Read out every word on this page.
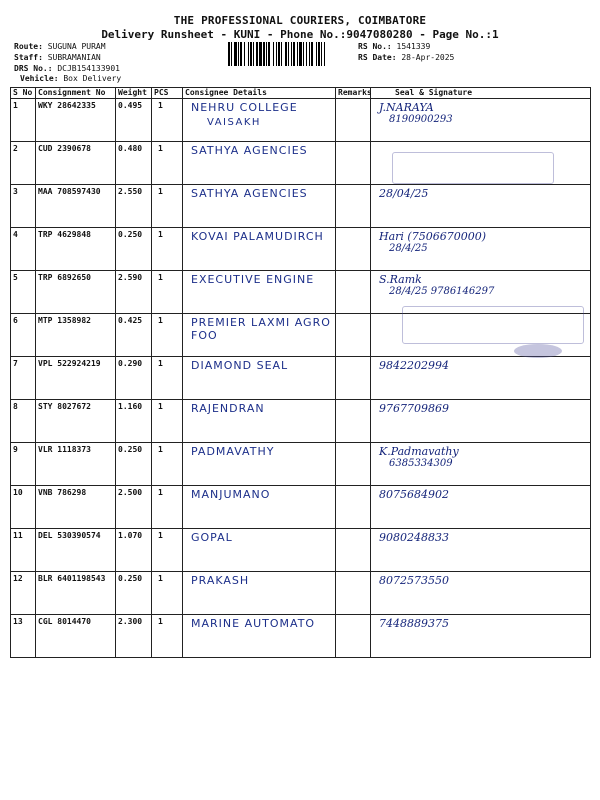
THE PROFESSIONAL COURIERS, COIMBATORE
Delivery Runsheet - KUNI - Phone No.:9047080280 - Page No.:1
Route: SUGUNA PURAM
Staff: SUBRAMANIAN
DRS No.: DCJB154133901
Vehicle: Box Delivery
RS No.: 1541339
RS Date: 28-Apr-2025
S No	Consignment No	Weight	PCS	Consignee Details	Remarks	Seal & Signature
1	WKY 28642335	0.495	1	NEHRU COLLEGE
VAISAKH		J.NARAYA
8190900293

2	CUD 2390678	0.480	1	SATHYA AGENCIES		

3	MAA 708597430	2.550	1	SATHYA AGENCIES		28/04/25

4	TRP 4629848	0.250	1	KOVAI PALAMUDIRCH		Hari (7506670000)
28/4/25

5	TRP 6892650	2.590	1	EXECUTIVE ENGINE		S.Ramk
28/4/25 9786146297

6	MTP 1358982	0.425	1	PREMIER LAXMI AGRO FOO		

7	VPL 522924219	0.290	1	DIAMOND SEAL		9842202994

8	STY 8027672	1.160	1	RAJENDRAN		9767709869

9	VLR 1118373	0.250	1	PADMAVATHY		K.Padmavathy
6385334309

10	VNB 786298	2.500	1	MANJUMANO		8075684902

11	DEL 530390574	1.070	1	GOPAL		9080248833

12	BLR 6401198543	0.250	1	PRAKASH		8072573550

13	CGL 8014470	2.300	1	MARINE AUTOMATO		7448889375
